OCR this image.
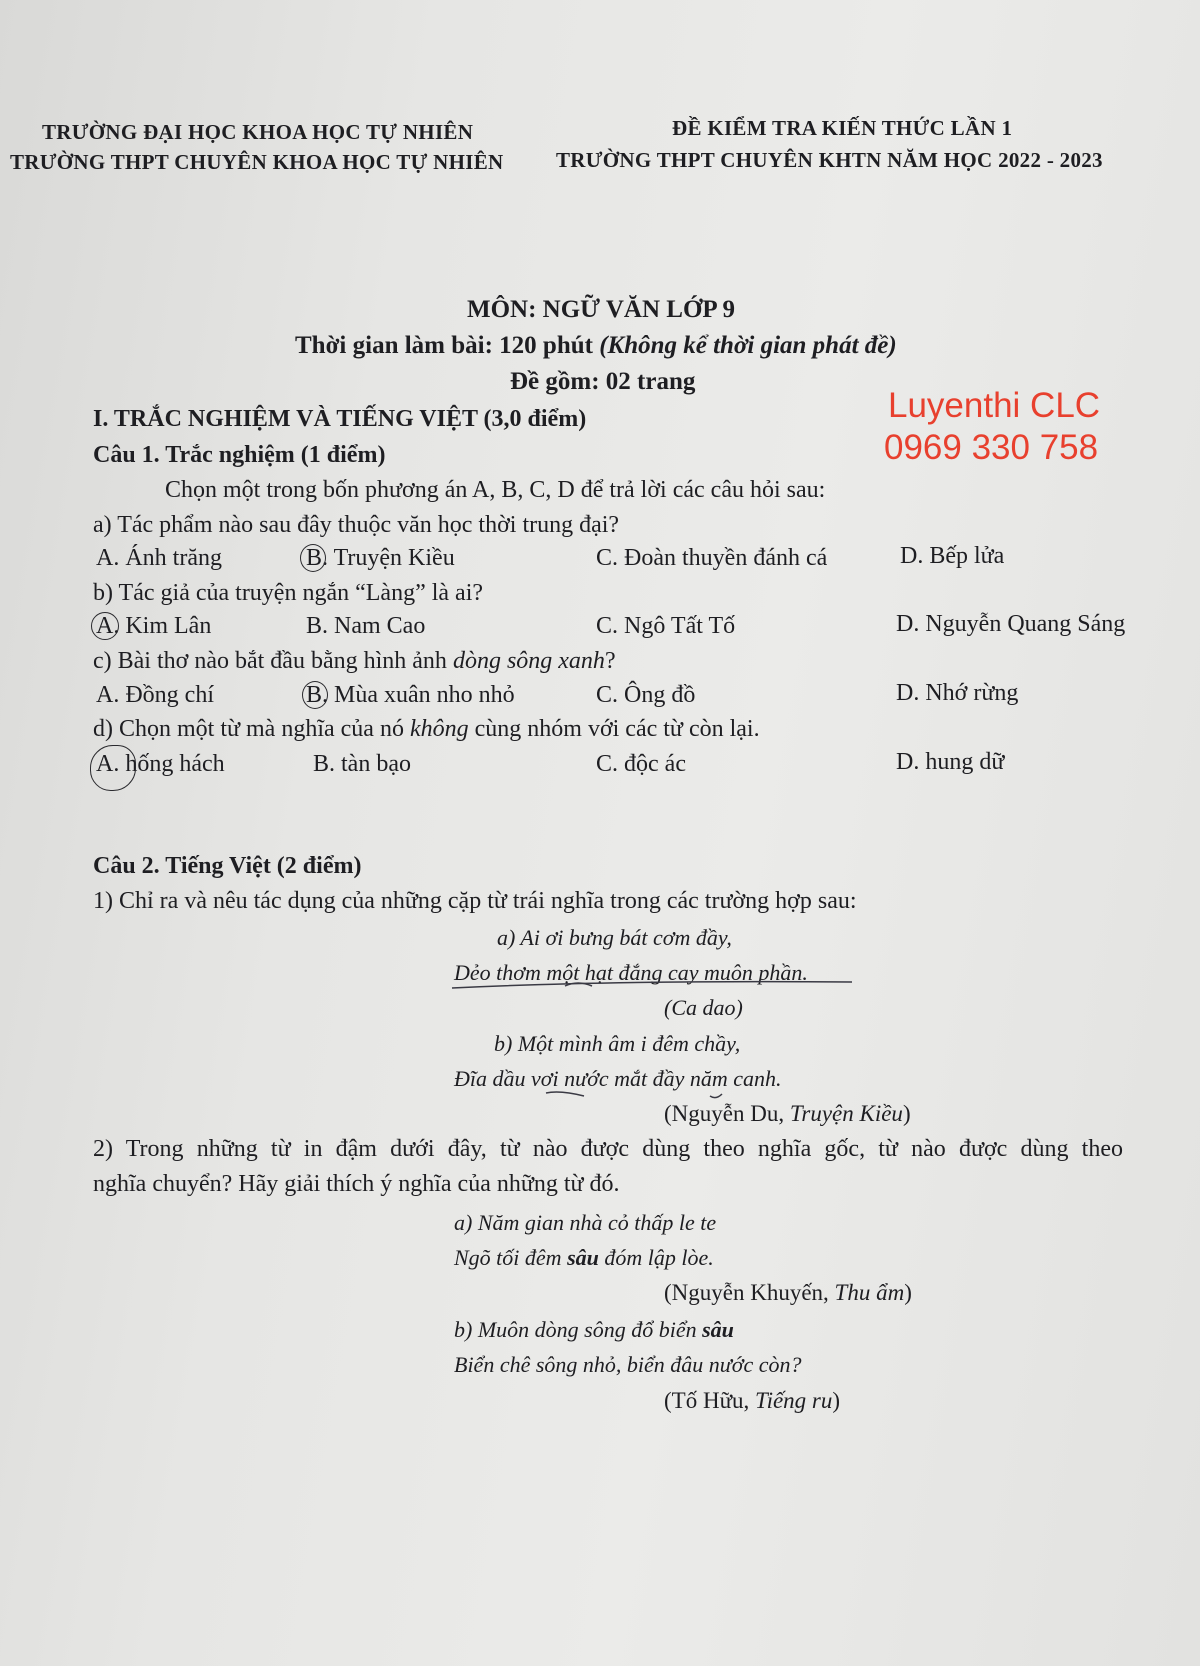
TRƯỜNG ĐẠI HỌC KHOA HỌC TỰ NHIÊN
TRƯỜNG THPT CHUYÊN KHOA HỌC TỰ NHIÊN
ĐỀ KIỂM TRA KIẾN THỨC LẦN 1
TRƯỜNG THPT CHUYÊN KHTN NĂM HỌC 2022 - 2023
MÔN: NGỮ VĂN LỚP 9
Thời gian làm bài: 120 phút (Không kể thời gian phát đề)
Đề gồm: 02 trang
Luyenthi CLC
0969 330 758
I. TRẮC NGHIỆM VÀ TIẾNG VIỆT (3,0 điểm)
Câu 1. Trắc nghiệm (1 điểm)
Chọn một trong bốn phương án A, B, C, D để trả lời các câu hỏi sau:
a) Tác phẩm nào sau đây thuộc văn học thời trung đại?
A. Ánh trăng	B. Truyện Kiều	C. Đoàn thuyền đánh cá	D. Bếp lửa
b) Tác giả của truyện ngắn “Làng” là ai?
A. Kim Lân	B. Nam Cao	C. Ngô Tất Tố	D. Nguyễn Quang Sáng
c) Bài thơ nào bắt đầu bằng hình ảnh dòng sông xanh?
A. Đồng chí	B. Mùa xuân nho nhỏ	C. Ông đồ	D. Nhớ rừng
d) Chọn một từ mà nghĩa của nó không cùng nhóm với các từ còn lại.
A. hống hách	B. tàn bạo	C. độc ác	D. hung dữ
Câu 2. Tiếng Việt (2 điểm)
1) Chỉ ra và nêu tác dụng của những cặp từ trái nghĩa trong các trường hợp sau:
a) Ai ơi bưng bát cơm đầy,
Dẻo thơm một hạt đắng cay muôn phần.
(Ca dao)
b) Một mình âm i đêm chầy,
Đĩa dầu vơi nước mắt đầy năm canh.
(Nguyễn Du, Truyện Kiều)
2) Trong những từ in đậm dưới đây, từ nào được dùng theo nghĩa gốc, từ nào được dùng theo
nghĩa chuyển? Hãy giải thích ý nghĩa của những từ đó.
a) Năm gian nhà cỏ thấp le te
Ngõ tối đêm sâu đóm lập lòe.
(Nguyễn Khuyến, Thu ẩm)
b) Muôn dòng sông đổ biển sâu
Biển chê sông nhỏ, biển đâu nước còn?
(Tố Hữu, Tiếng ru)
